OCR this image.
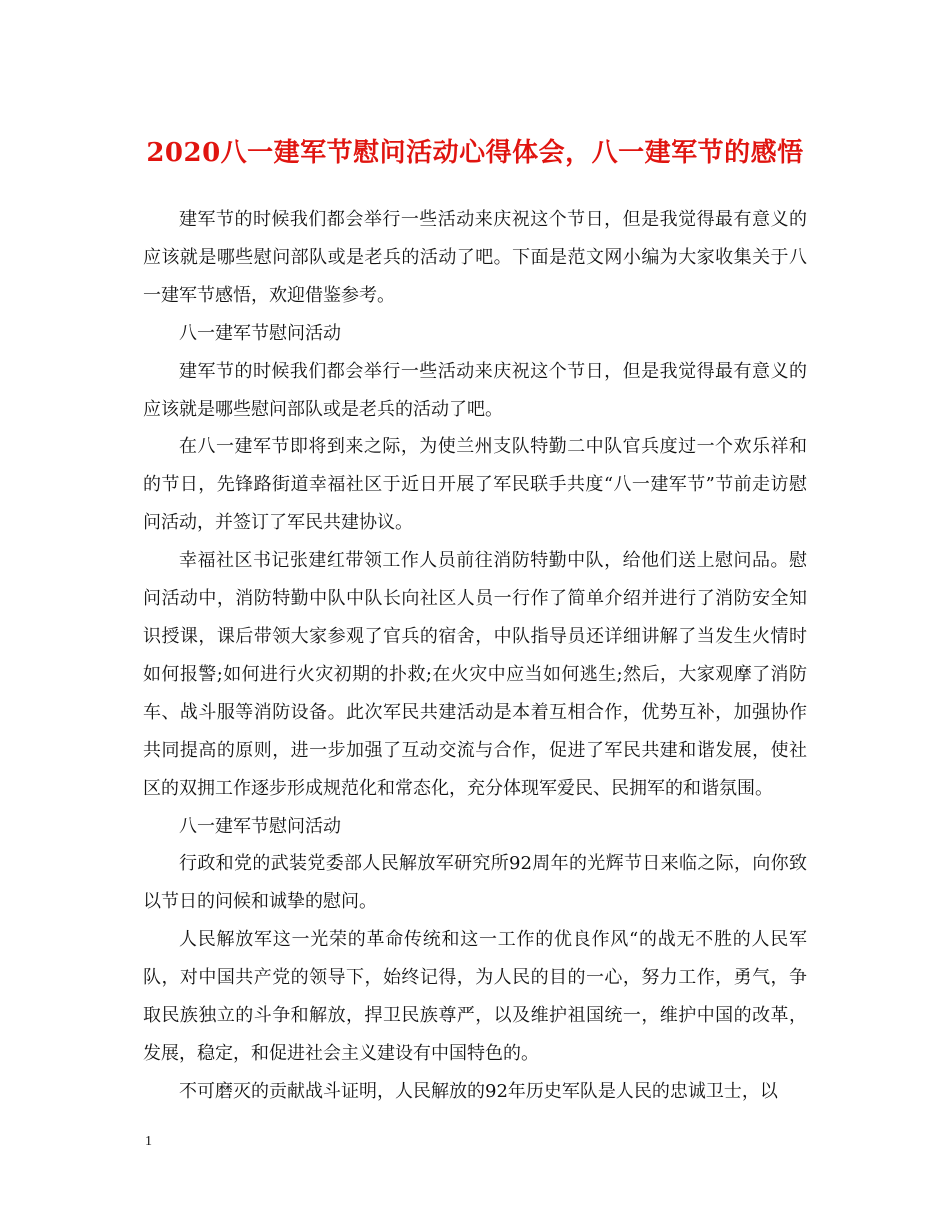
2020八一建军节慰问活动心得体会，八一建军节的感悟

建军节的时候我们都会举行一些活动来庆祝这个节日，但是我觉得最有意义的应该就是哪些慰问部队或是老兵的活动了吧。下面是范文网小编为大家收集关于八一建军节感悟，欢迎借鉴参考。

八一建军节慰问活动

建军节的时候我们都会举行一些活动来庆祝这个节日，但是我觉得最有意义的应该就是哪些慰问部队或是老兵的活动了吧。

在八一建军节即将到来之际，为使兰州支队特勤二中队官兵度过一个欢乐祥和的节日，先锋路街道幸福社区于近日开展了军民联手共度“八一建军节”节前走访慰问活动，并签订了军民共建协议。

幸福社区书记张建红带领工作人员前往消防特勤中队，给他们送上慰问品。慰问活动中，消防特勤中队中队长向社区人员一行作了简单介绍并进行了消防安全知识授课，课后带领大家参观了官兵的宿舍，中队指导员还详细讲解了当发生火情时如何报警;如何进行火灾初期的扑救;在火灾中应当如何逃生;然后，大家观摩了消防车、战斗服等消防设备。此次军民共建活动是本着互相合作，优势互补，加强协作共同提高的原则，进一步加强了互动交流与合作，促进了军民共建和谐发展，使社区的双拥工作逐步形成规范化和常态化，充分体现军爱民、民拥军的和谐氛围。

八一建军节慰问活动

行政和党的武装党委部人民解放军研究所92周年的光辉节日来临之际，向你致以节日的问候和诚挚的慰问。

人民解放军这一光荣的革命传统和这一工作的优良作风“的战无不胜的人民军队，对中国共产党的领导下，始终记得，为人民的目的一心，努力工作，勇气，争取民族独立的斗争和解放，捍卫民族尊严，以及维护祖国统一，维护中国的改革，发展，稳定，和促进社会主义建设有中国特色的。

不可磨灭的贡献战斗证明，人民解放的92年历史军队是人民的忠诚卫士，以

1
